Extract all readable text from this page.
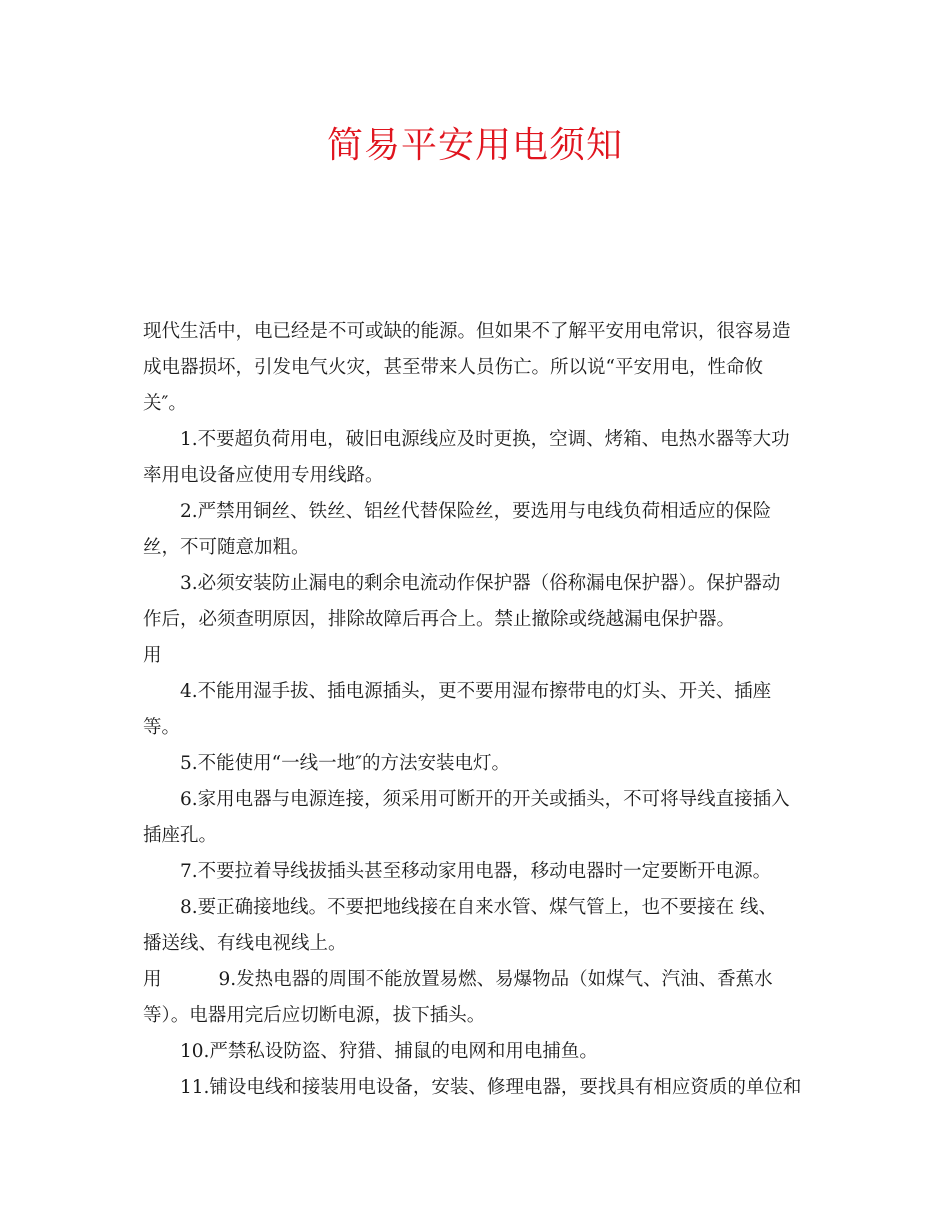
简易平安用电须知
现代生活中，电已经是不可或缺的能源。但如果不了解平安用电常识，很容易造
成电器损坏，引发电气火灾，甚至带来人员伤亡。所以说“平安用电，性命攸
关″。
1.不要超负荷用电，破旧电源线应及时更换，空调、烤箱、电热水器等大功
率用电设备应使用专用线路。
2.严禁用铜丝、铁丝、铝丝代替保险丝，要选用与电线负荷相适应的保险
丝，不可随意加粗。
3.必须安装防止漏电的剩余电流动作保护器（俗称漏电保护器）。保护器动
作后，必须查明原因，排除故障后再合上。禁止撤除或绕越漏电保护器。
用
4.不能用湿手拔、插电源插头，更不要用湿布擦带电的灯头、开关、插座
等。
5.不能使用“一线一地″的方法安装电灯。
6.家用电器与电源连接，须采用可断开的开关或插头，不可将导线直接插入
插座孔。
7.不要拉着导线拔插头甚至移动家用电器，移动电器时一定要断开电源。
8.要正确接地线。不要把地线接在自来水管、煤气管上，也不要接在 线、
播送线、有线电视线上。
用	9.发热电器的周围不能放置易燃、易爆物品（如煤气、汽油、香蕉水
等）。电器用完后应切断电源，拔下插头。
10.严禁私设防盗、狩猎、捕鼠的电网和用电捕鱼。
11.铺设电线和接装用电设备，安装、修理电器，要找具有相应资质的单位和
